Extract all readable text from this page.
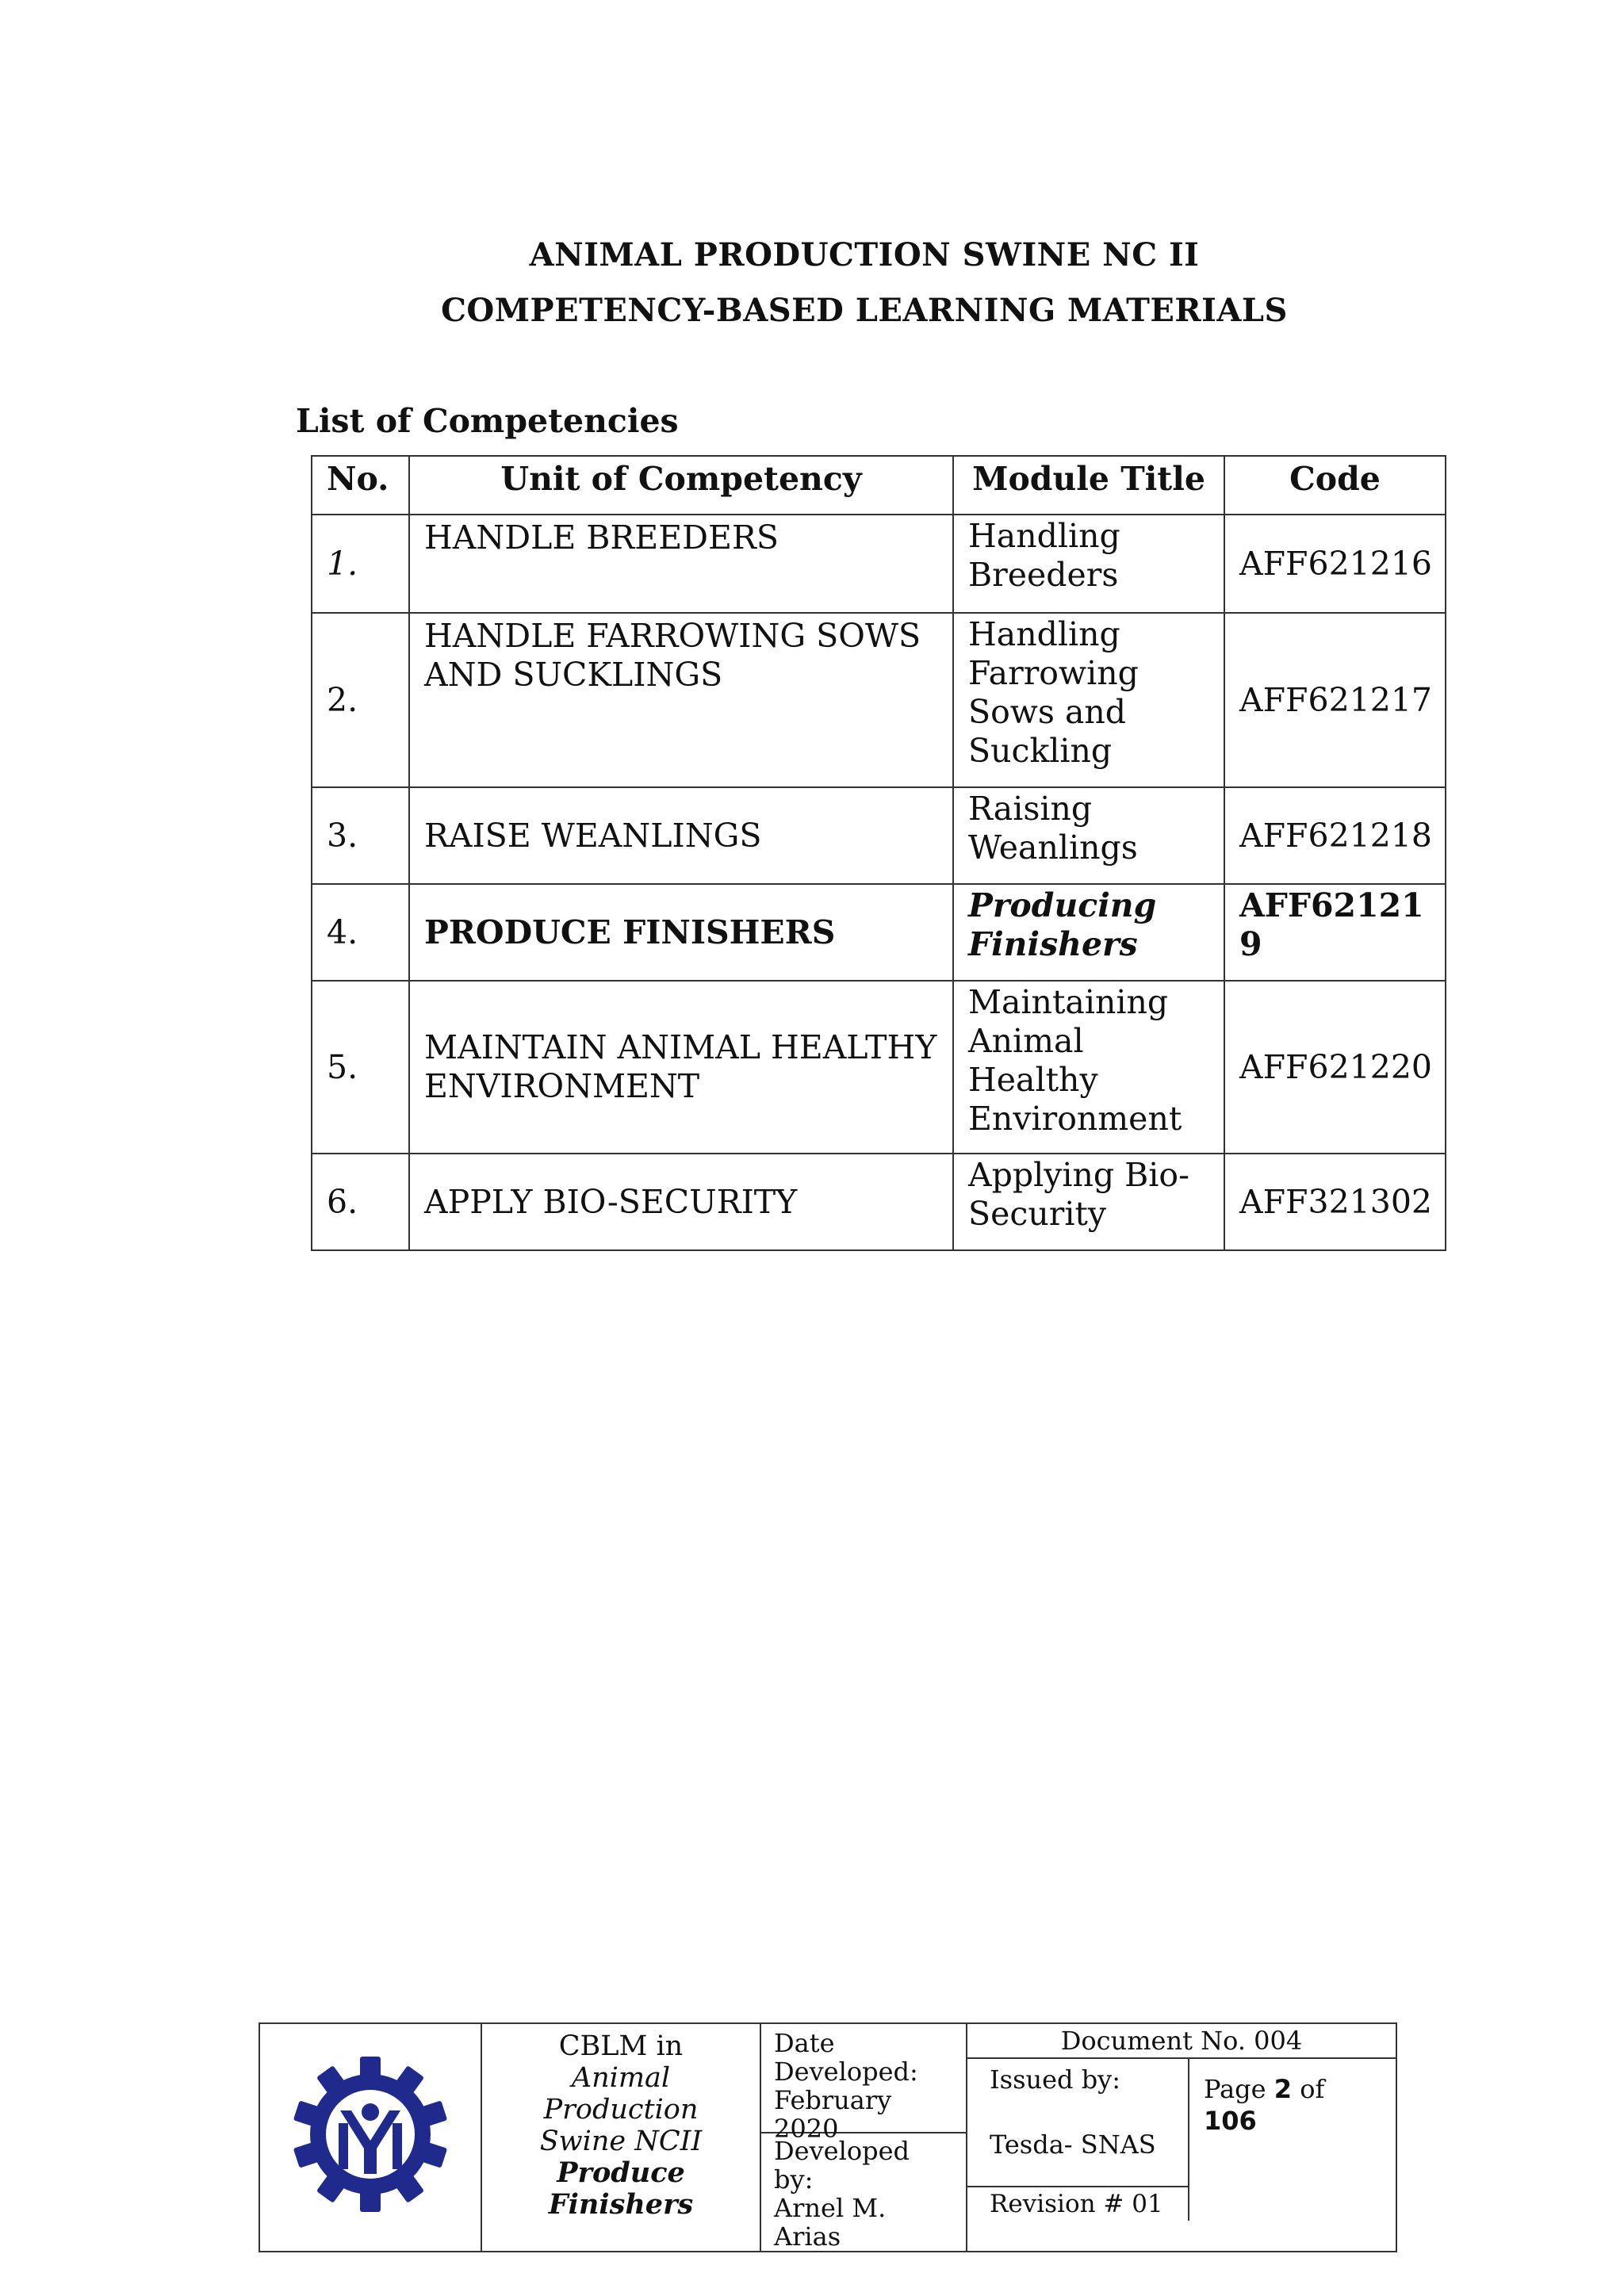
ANIMAL PRODUCTION SWINE NC II
COMPETENCY-BASED LEARNING MATERIALS
List of Competencies
No.	Unit of Competency	Module Title	Code
1.	HANDLE BREEDERS	Handling Breeders	AFF621216
2.	HANDLE FARROWING SOWS AND SUCKLINGS	Handling Farrowing Sows and Suckling	AFF621217
3.	RAISE WEANLINGS	Raising Weanlings	AFF621218
4.	PRODUCE FINISHERS	Producing Finishers	AFF62121
9
5.	MAINTAIN ANIMAL HEALTHY ENVIRONMENT	Maintaining Animal Healthy Environment	AFF621220
6.	APPLY BIO-SECURITY	Applying Bio-Security	AFF321302

CBLM in
Animal
Production
Swine NCII
Produce
Finishers

Date
Developed:
February
2020
Developed by:
Arnel M. Arias

Document No. 004
Issued by:
Tesda- SNAS
Revision # 01
Page 2 of
106
